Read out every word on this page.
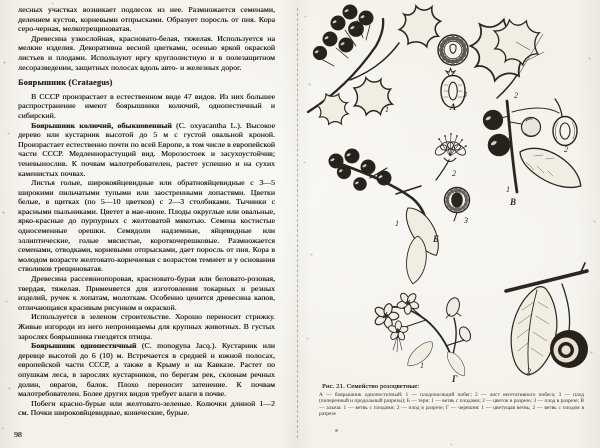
лесных участках возникает подлесок из нее. Размножается семенами, делением кустов, корневыми отпрысками. Образует поросль от пня. Кора серо-черная, мелкотрещиноватая.

Древесина узкослойная, красновато-белая, тяжелая. Используется на мелкие изделия. Декоративна весной цветками, осенью яркой окраской листьев и плодами. Используют иргу круглолистную и в полезащитном лесоразведении, защитных полосах вдоль авто- и железных дорог.

Боярышник (Crataegus)

В СССР произрастает в естественном виде 47 видов. Из них большее распространение имеют боярышники колючий, однопестичный и сибирский.

Боярышник колючий, обыкновенный (С. oxyacantha L.). Высокое дерево или кустарник высотой до 5 м с густой овальной кроной. Произрастает естественно почти по всей Европе, в том числе в европейской части СССР. Медленнорастущий вид. Морозостоек и засухоустойчив; теневынослив. К почвам малотребователен, растет успешно и на сухих каменистых почвах.

Листья голые, широкояйцевидные или обратнояйцевидные с 3—5 широкими пильчатыми тупыми или заостренными лопастями. Цветки белые, в щитках (по 5—10 цветков) с 2—3 столбиками. Тычинки с красными пыльниками. Цветет в мае-июне. Плоды округлые или овальные, ярко-красные до пурпурных с желтоватой мякотью. Семена костистые односеменные орешки. Семядоли надземные, яйцевидные или эллиптические, голые мясистые, короткочерешковые. Размножается семенами, отводками, корневыми отпрысками, дает поросль от пня. Кора в молодом возрасте желтовато-коричневая с возрастом темнеет и у основания стволиков трещиноватая.

Древесина рассеяннопоровая, красновато-бурая или беловато-розовая, твердая, тяжелая. Применяется для изготовления токарных и резных изделий, ручек к лопатам, молоткам. Особенно ценится древесина капов, отличающаяся красивым рисунком и окраской.

Используется в зеленом строительстве. Хорошо переносит стрижку. Живые изгороди из него непроницаемы для крупных животных. В густых зарослях боярышника гнездятся птицы.

Боярышник однопестичный (С. monogyna Jacq.). Кустарник или деревце высотой до 6 (10) м. Встречается в средней и южной полосах, европейской части СССР, а также в Крыму и на Кавказе. Растет по опушкам леса, в зарослях кустарников, по берегам рек, склонам речных долин, оврагов, балок. Плохо переносит затенение. К почвам малотребователен. Более других видов требует влаги в почве.

Побеги красно-бурые или желтовато-зеленые. Колючки длиной 1—2 см. Почки широкояйцевидные, конические, бурые.

98
1
3
А
2
1
Б
2
3
1
В
2
1
Г
2
Рис. 21. Семейство розоцветные:
А — боярышник однопестичный: 1 — плодоносящий побег; 2 — лист вегетативного побега; 3 — плод (поперечный и продольный разрезы); Б — терн: 1 — ветвь с плодами; 2 — цветок в разрезе; 3 — плод в разрезе; В — алыча: 1 — ветвь с плодами; 2 — плод в разрезе; Г — черешня: 1 — цветущая ветвь; 2 — ветвь с плодом в разрезе
